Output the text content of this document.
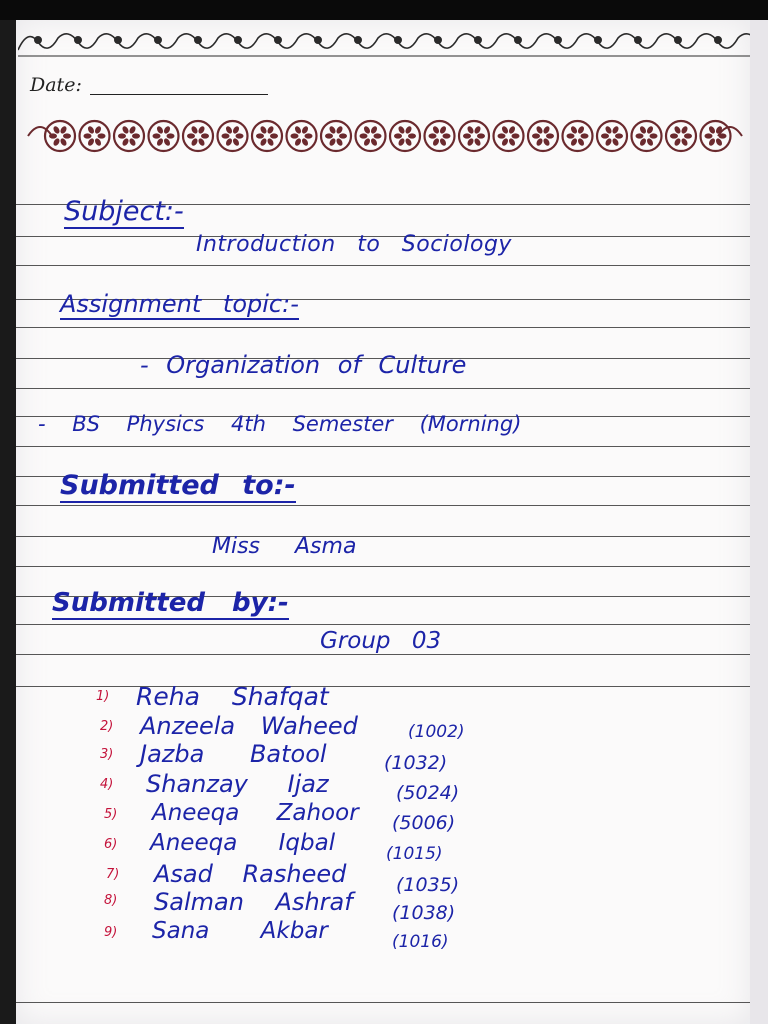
Date:
Subject:-
Introduction to Sociology
Assignment topic:-
- Organization of Culture
- BS Physics 4th Semester (Morning)
Submitted to:-
Miss Asma
Submitted by:-
Group 03
1) Reha Shafqat
2) Anzeela Waheed	(1002)
3) Jazba Batool	(1032)
4) Shanzay Ijaz	(5024)
5) Aneeqa Zahoor (5006)
6) Aneeqa Iqbal	(1015)
7) Asad Rasheed	(1035)
8) Salman Ashraf (1038)
9) Sana Akbar	(1016)
